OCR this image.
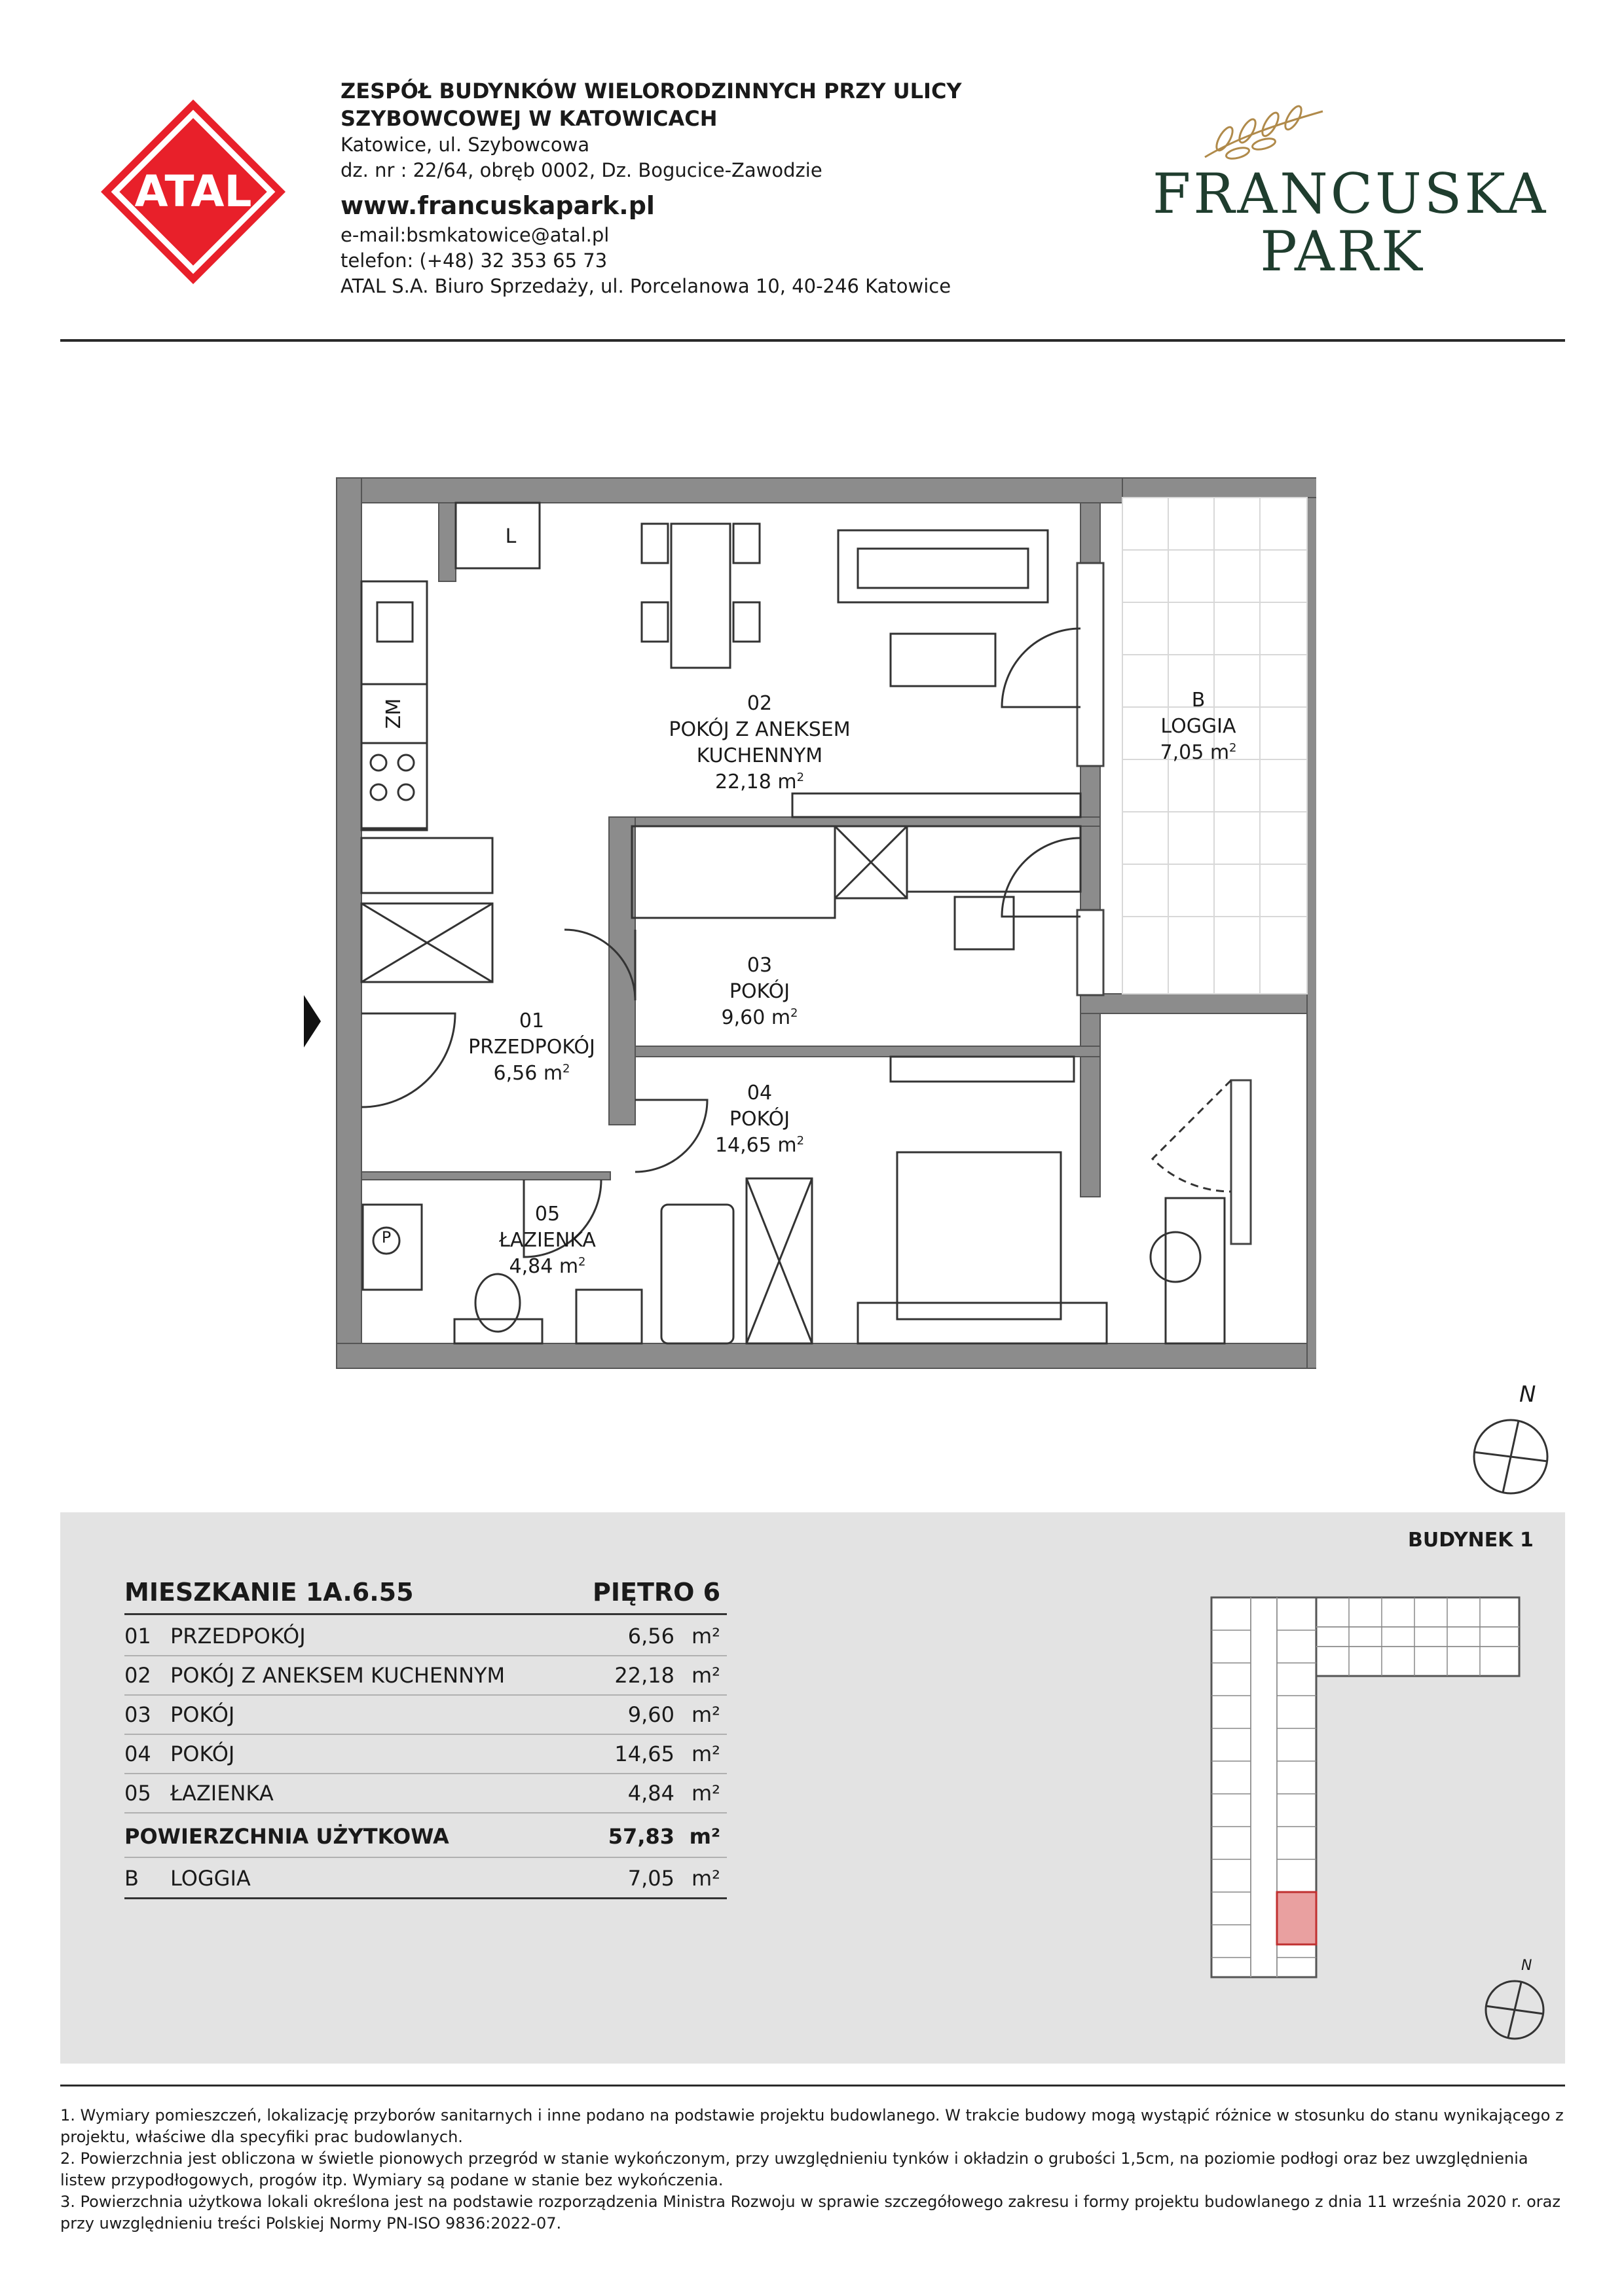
ATAL
ZESPÓŁ BUDYNKÓW WIELORODZINNYCH PRZY ULICY
SZYBOWCOWEJ W KATOWICACH
Katowice, ul. Szybowcowa
dz. nr : 22/64, obręb 0002, Dz. Bogucice-Zawodzie
www.francuskapark.pl
e-mail:bsmkatowice@atal.pl
telefon: (+48) 32 353 65 73
ATAL S.A. Biuro Sprzedaży, ul. Porcelanowa 10, 40-246 Katowice
FRANCUSKA
PARK
L
ZM
P
01
PRZEDPOKÓJ
6,56 $m^2$
02
POKÓJ Z ANEKSEM
KUCHENNYM
22,18 $m^2$
03
POKÓJ
9,60 $m^2$
04
POKÓJ
14,65 $m^2$
05
ŁAZIENKA
4,84 $m^2$
B
LOGGIA
7,05 $m^2$
N
BUDYNEK 1
MIESZKANIE 1A.6.55	PIĘTRO 6
01 PRZEDPOKÓJ	6,56 m²
02 POKÓJ Z ANEKSEM KUCHENNYM	22,18 m²
03 POKÓJ	9,60 m²
04 POKÓJ	14,65 m²
05 ŁAZIENKA	4,84 m²
POWIERZCHNIA UŻYTKOWA	57,83 m²
B LOGGIA	7,05 m²
N
1. Wymiary pomieszczeń, lokalizację przyborów sanitarnych i inne podano na podstawie projektu budowlanego. W trakcie budowy mogą wystąpić różnice w stosunku do stanu wynikającego z projektu, właściwe dla specyfiki prac budowlanych.
2. Powierzchnia jest obliczona w świetle pionowych przegród w stanie wykończonym, przy uwzględnieniu tynków i okładzin o grubości 1,5cm, na poziomie podłogi oraz bez uwzględnienia listew przypodłogowych, progów itp. Wymiary są podane w stanie bez wykończenia.
3. Powierzchnia użytkowa lokali określona jest na podstawie rozporządzenia Ministra Rozwoju w sprawie szczegółowego zakresu i formy projektu budowlanego z dnia 11 września 2020 r. oraz przy uwzględnieniu treści Polskiej Normy PN-ISO 9836:2022-07.
